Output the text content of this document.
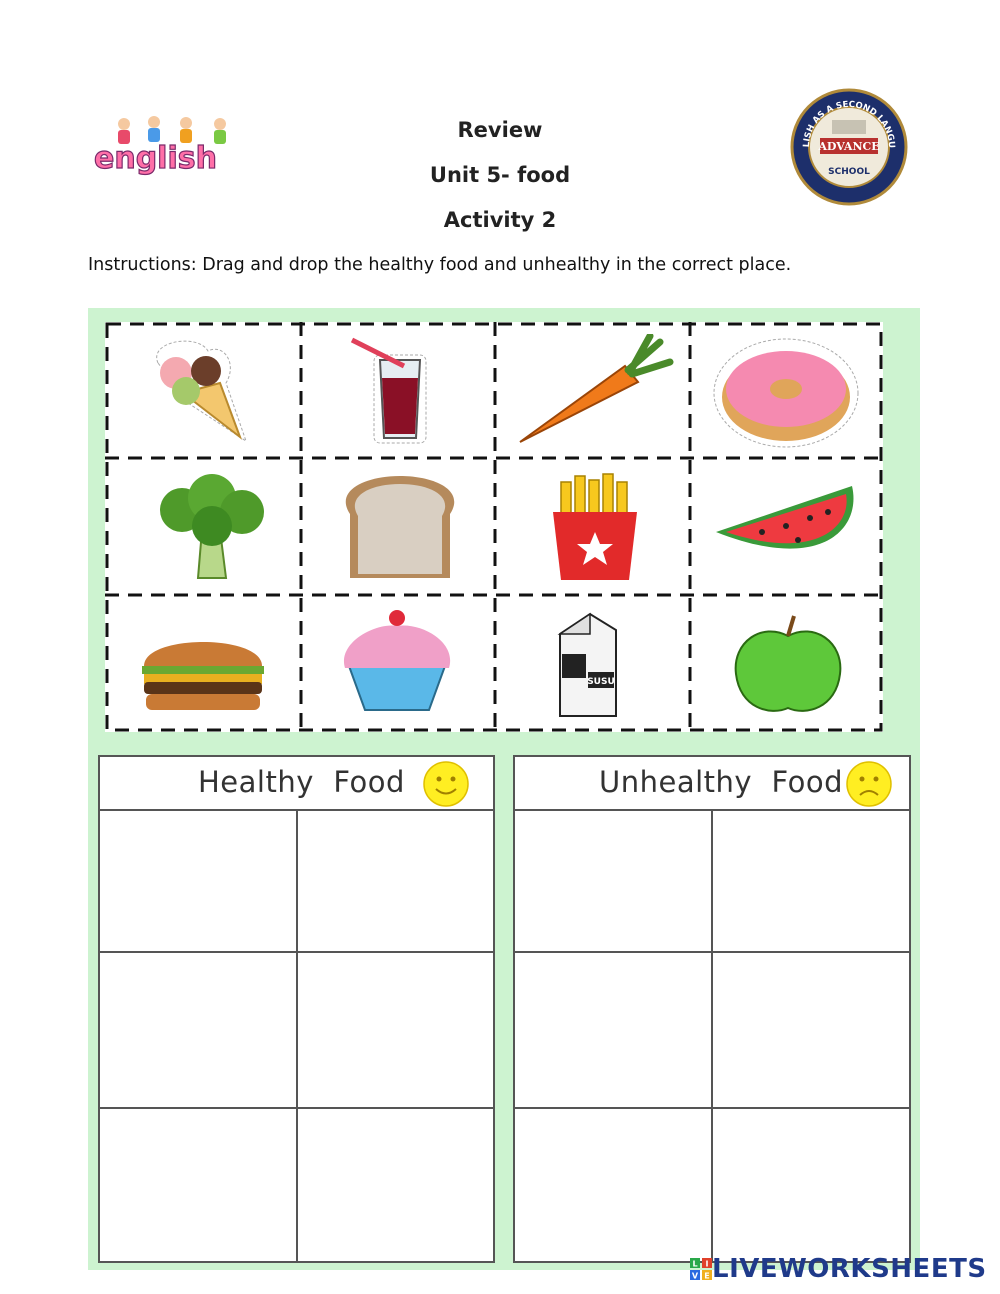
english
Review
Unit 5- food
Activity 2
LISH AS A SECOND LANGU
ADVANCE
SCHOOL
Instructions: Drag and drop the healthy food and unhealthy in the correct place.
SUSU
Healthy  Food	Unhealthy  Food
L I
V E LIVEWORKSHEETS
